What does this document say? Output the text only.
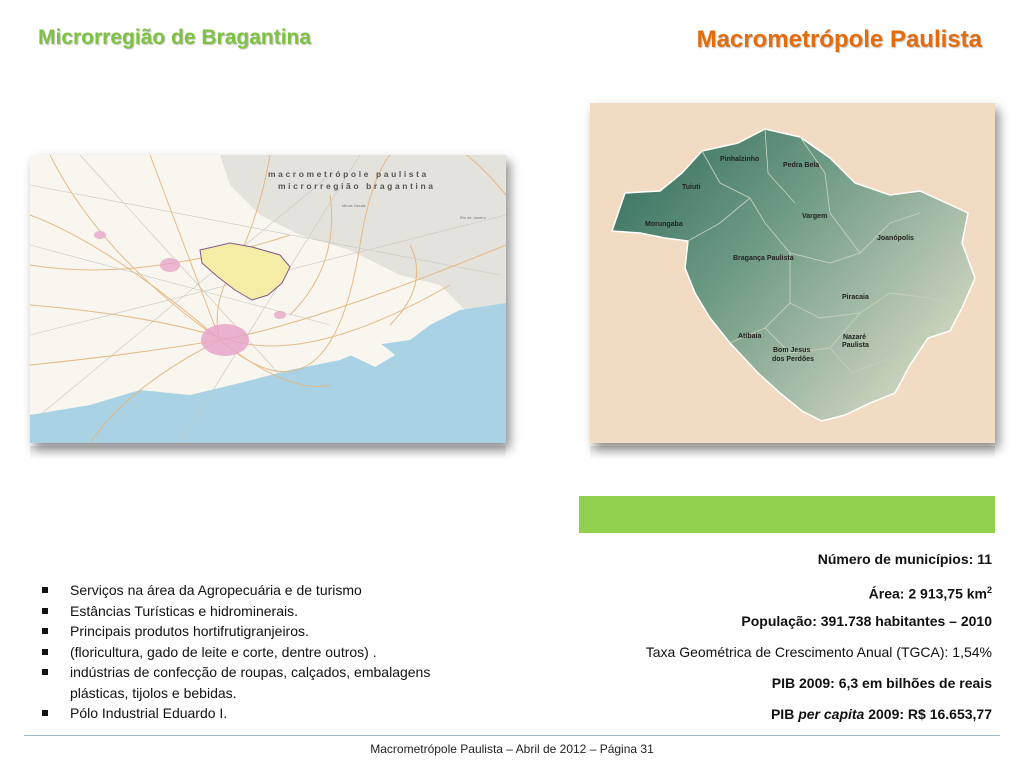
Microrregião de Bragantina	Macrometrópole Paulista
macrometrópole paulista
microrregião bragantina
Minas Gerais
Rio de Janeiro
Pinhalzinho
Pedra Bela
Tuiuti
Vargem
Morungaba
Joanópolis
Bragança Paulista
Piracaia
Atibaia	Nazaré
Paulista
Bom Jesus
dos Perdões
Número de municípios: 11
Área: 2 913,75 $km^2$
População: 391.738 habitantes – 2010
Taxa Geométrica de Crescimento Anual (TGCA): 1,54%
PIB 2009: 6,3 em bilhões de reais
PIB per capita 2009: R$ 16.653,77
Serviços na área da Agropecuária e de turismo
Estâncias Turísticas e hidrominerais.
Principais produtos hortifrutigranjeiros.
(floricultura, gado de leite e corte, dentre outros) .
indústrias de confecção de roupas, calçados, embalagens plásticas, tijolos e bebidas.
Pólo Industrial Eduardo I.
Macrometrópole Paulista – Abril de 2012 – Página 31
